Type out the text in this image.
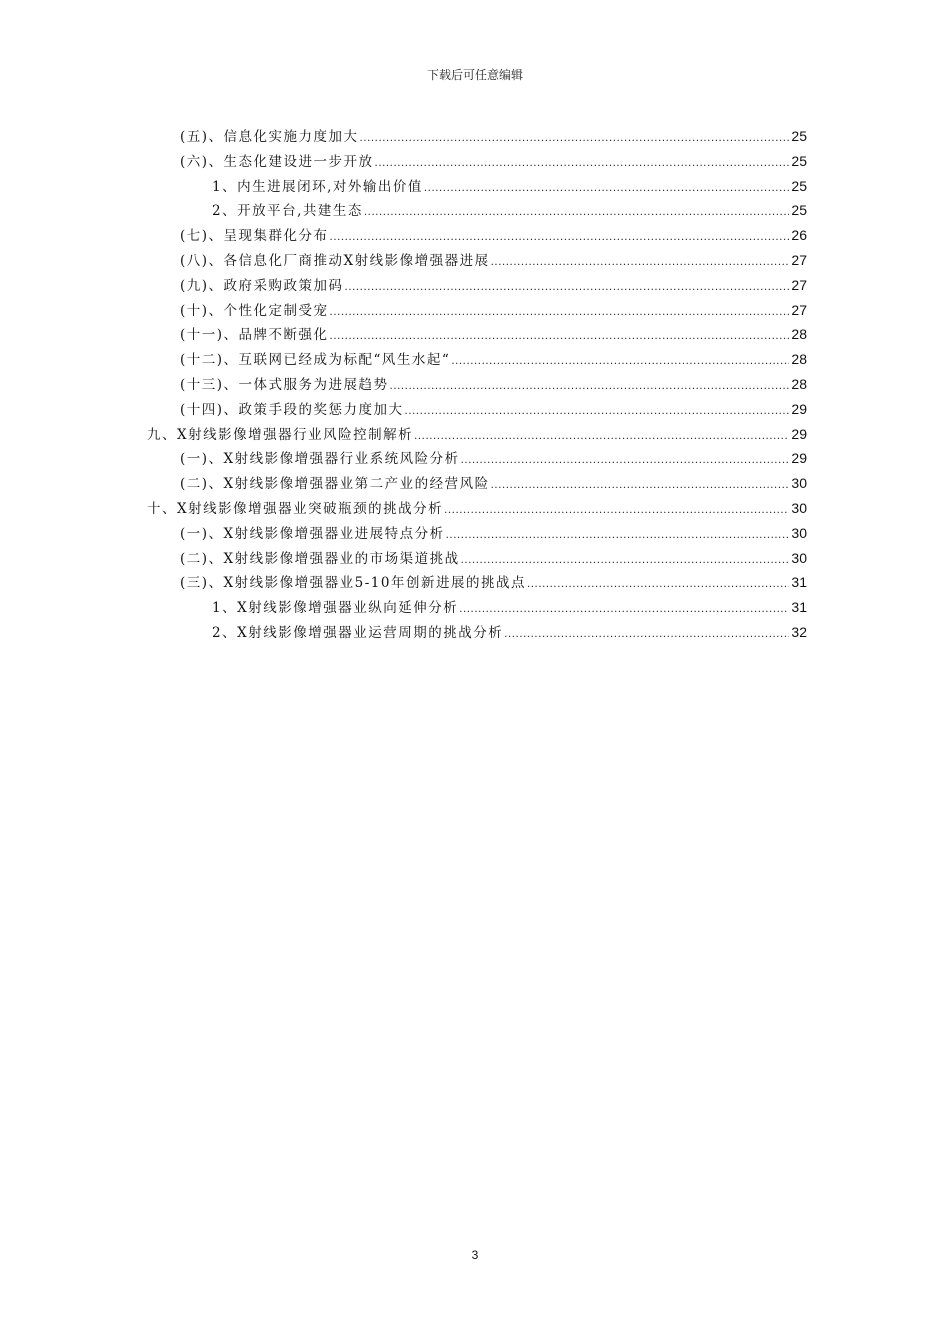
下载后可任意编辑
(五)、信息化实施力度加大 .....	25
(六)、生态化建设进一步开放 .....	25
1、内生进展闭环,对外输出价值 .....	25
2、开放平台,共建生态 .....	25
(七)、呈现集群化分布 .....	26
(八)、各信息化厂商推动X射线影像增强器进展 .....	27
(九)、政府采购政策加码 .....	27
(十)、个性化定制受宠 .....	27
(十一)、品牌不断强化 .....	28
(十二)、互联网已经成为标配“风生水起“ .....	28
(十三)、一体式服务为进展趋势 .....	28
(十四)、政策手段的奖惩力度加大 .....	29
九、X射线影像增强器行业风险控制解析 .....	29
(一)、X射线影像增强器行业系统风险分析 .....	29
(二)、X射线影像增强器业第二产业的经营风险 .....	30
十、X射线影像增强器业突破瓶颈的挑战分析 .....	30
(一)、X射线影像增强器业进展特点分析 .....	30
(二)、X射线影像增强器业的市场渠道挑战 .....	30
(三)、X射线影像增强器业5-10年创新进展的挑战点 .....	31
1、X射线影像增强器业纵向延伸分析 .....	31
2、X射线影像增强器业运营周期的挑战分析 .....	32
3
